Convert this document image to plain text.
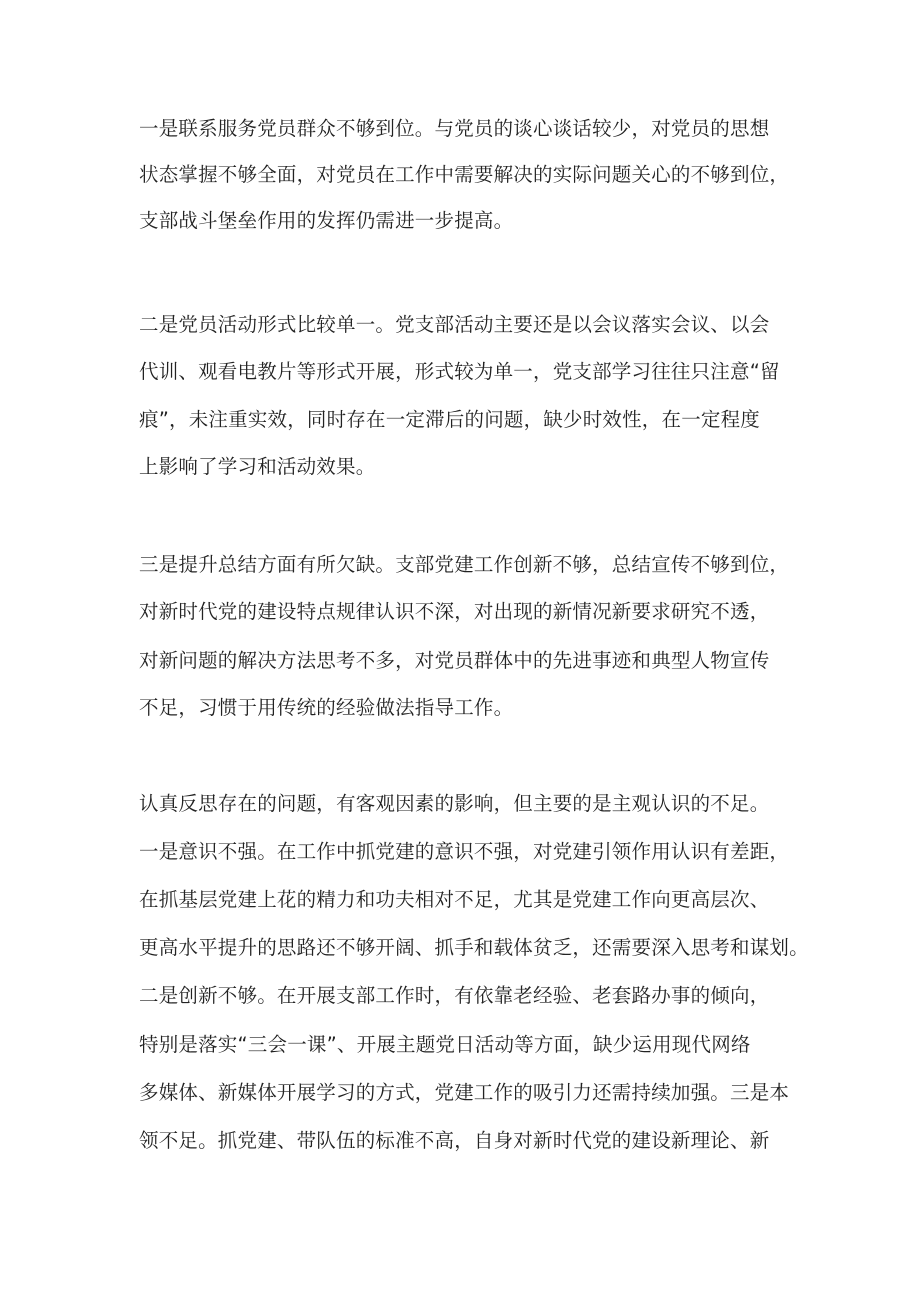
一是联系服务党员群众不够到位。与党员的谈心谈话较少，对党员的思想
状态掌握不够全面，对党员在工作中需要解决的实际问题关心的不够到位，
支部战斗堡垒作用的发挥仍需进一步提高。
二是党员活动形式比较单一。党支部活动主要还是以会议落实会议、以会
代训、观看电教片等形式开展，形式较为单一，党支部学习往往只注意“留
痕”，未注重实效，同时存在一定滞后的问题，缺少时效性，在一定程度
上影响了学习和活动效果。
三是提升总结方面有所欠缺。支部党建工作创新不够，总结宣传不够到位，
对新时代党的建设特点规律认识不深，对出现的新情况新要求研究不透，
对新问题的解决方法思考不多，对党员群体中的先进事迹和典型人物宣传
不足，习惯于用传统的经验做法指导工作。
认真反思存在的问题，有客观因素的影响，但主要的是主观认识的不足。
一是意识不强。在工作中抓党建的意识不强，对党建引领作用认识有差距，
在抓基层党建上花的精力和功夫相对不足，尤其是党建工作向更高层次、
更高水平提升的思路还不够开阔、抓手和载体贫乏，还需要深入思考和谋划。
二是创新不够。在开展支部工作时，有依靠老经验、老套路办事的倾向，
特别是落实“三会一课”、开展主题党日活动等方面，缺少运用现代网络
多媒体、新媒体开展学习的方式，党建工作的吸引力还需持续加强。三是本
领不足。抓党建、带队伍的标准不高，自身对新时代党的建设新理论、新
